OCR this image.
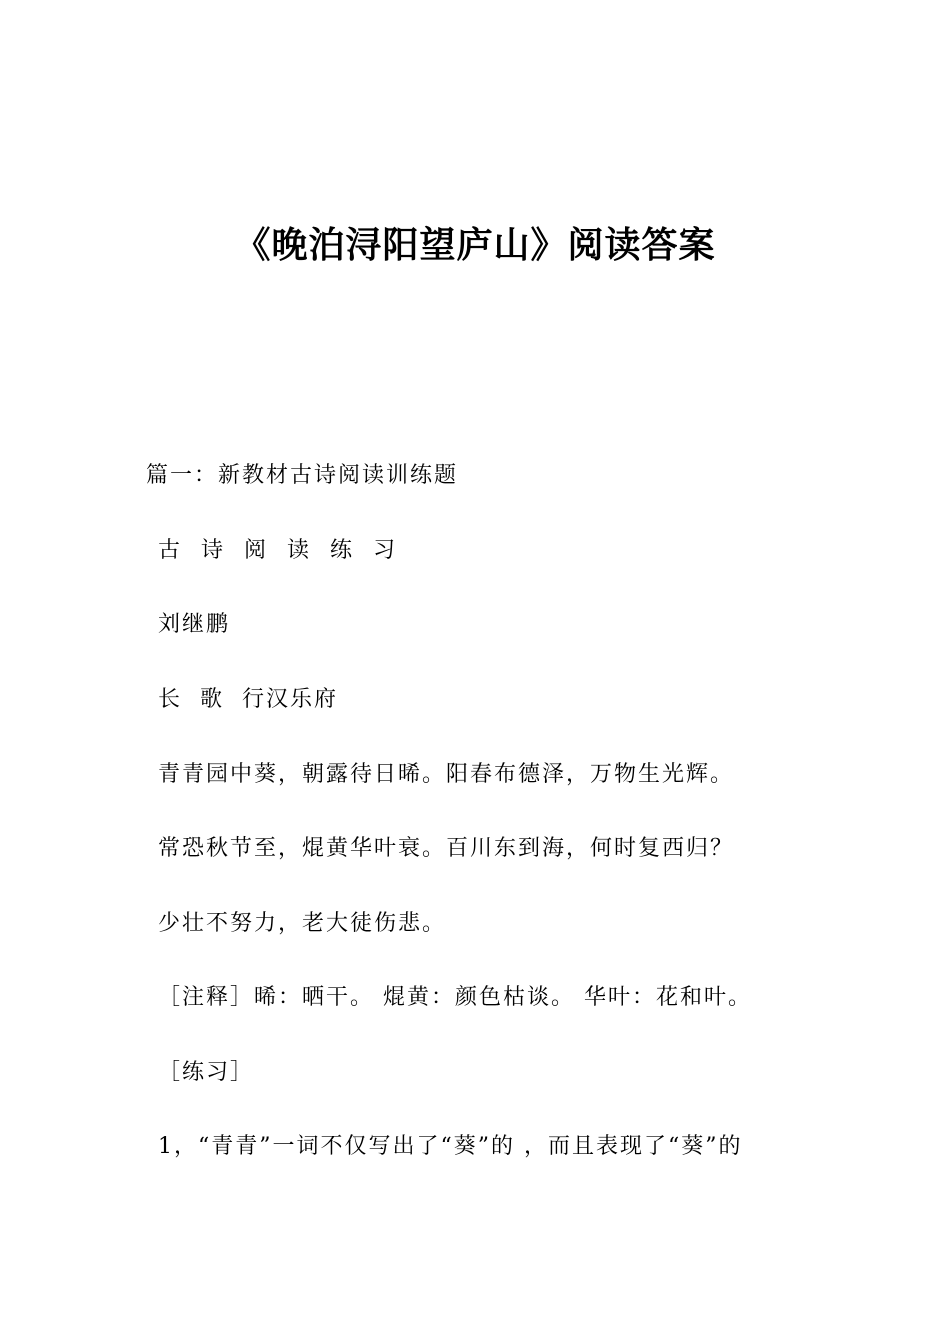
《晚泊浔阳望庐山》阅读答案
篇一：新教材古诗阅读训练题
古 诗 阅 读 练 习
刘继鹏
长  歌  行汉乐府
青青园中葵，朝露待日晞。阳春布德泽，万物生光辉。
常恐秋节至，焜黄华叶衰。百川东到海，何时复西归？
少壮不努力，老大徒伤悲。
［注释］晞：晒干。 焜黄：颜色枯谈。 华叶：花和叶。
［练习］
1，“青青”一词不仅写出了“葵”的 ，而且表现了“葵”的
